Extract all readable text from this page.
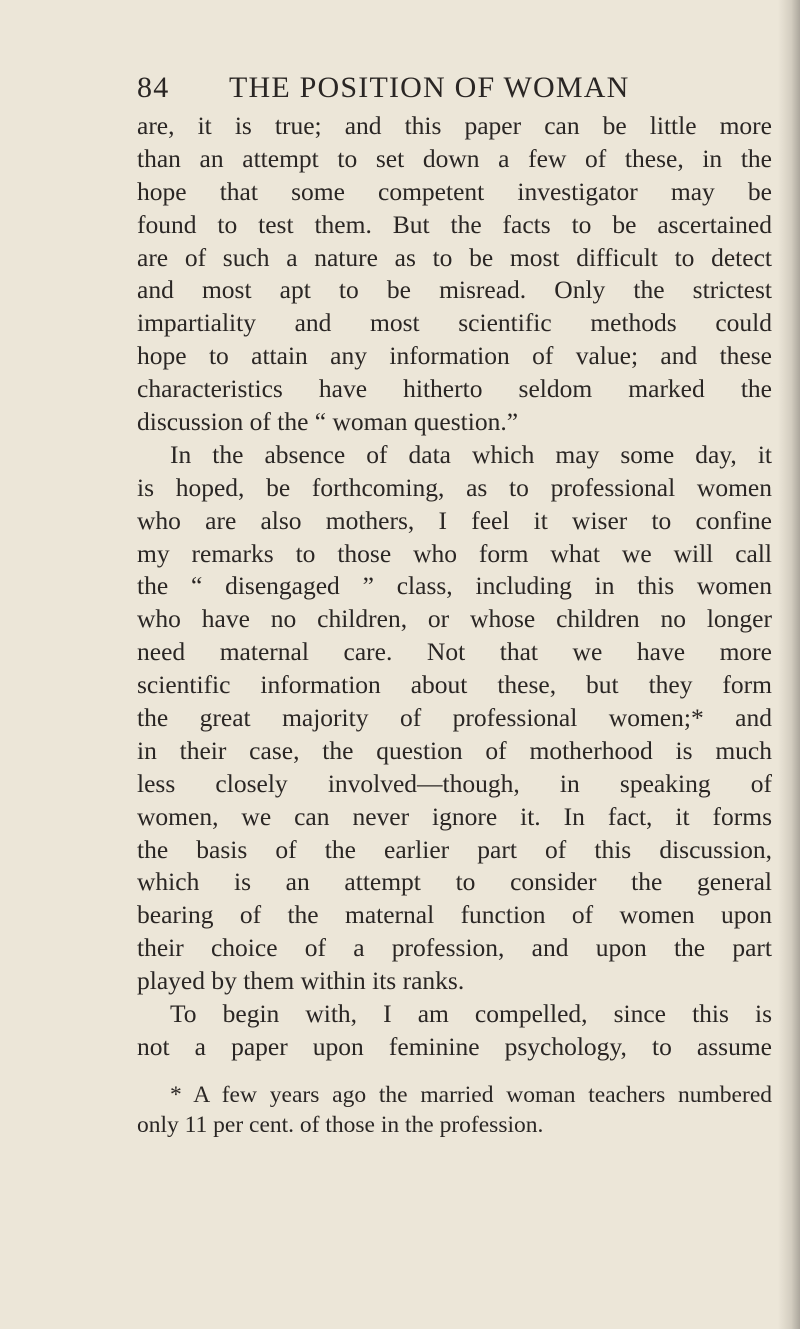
84	THE POSITION OF WOMAN
are, it is true; and this paper can be little more
than an attempt to set down a few of these, in the
hope that some competent investigator may be
found to test them. But the facts to be ascertained
are of such a nature as to be most difficult to detect
and most apt to be misread. Only the strictest
impartiality and most scientific methods could
hope to attain any information of value; and these
characteristics have hitherto seldom marked the
discussion of the “ woman question.”
In the absence of data which may some day, it
is hoped, be forthcoming, as to professional women
who are also mothers, I feel it wiser to confine
my remarks to those who form what we will call
the “ disengaged ” class, including in this women
who have no children, or whose children no longer
need maternal care. Not that we have more
scientific information about these, but they form
the great majority of professional women;* and
in their case, the question of motherhood is much
less closely involved—though, in speaking of
women, we can never ignore it. In fact, it forms
the basis of the earlier part of this discussion,
which is an attempt to consider the general
bearing of the maternal function of women upon
their choice of a profession, and upon the part
played by them within its ranks.
To begin with, I am compelled, since this is
not a paper upon feminine psychology, to assume
* A few years ago the married woman teachers numbered
only 11 per cent. of those in the profession.
